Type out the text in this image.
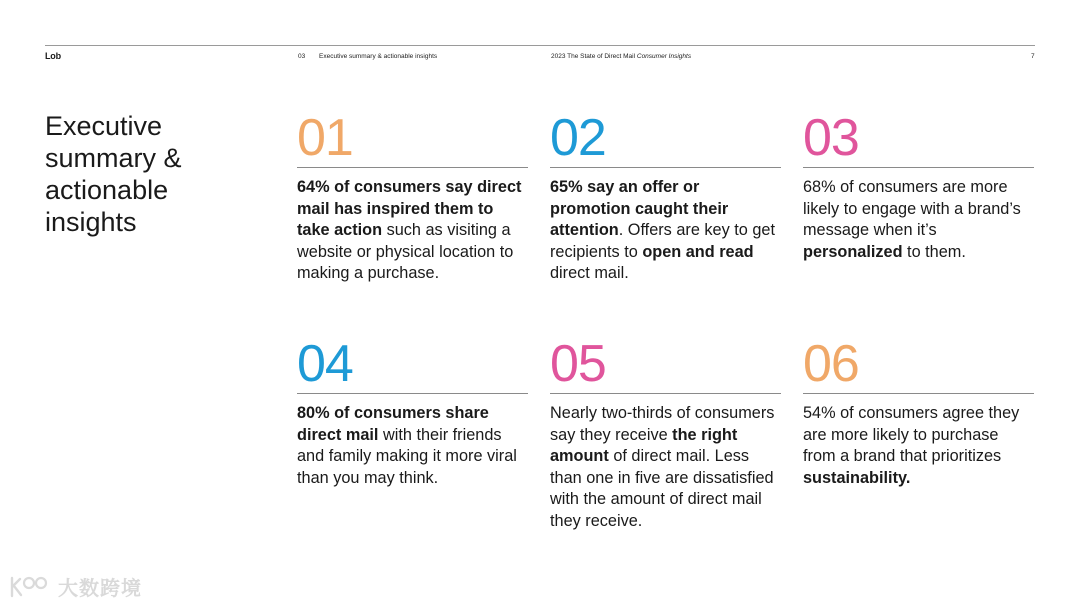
Lob	03 Executive summary & actionable insights	2023 The State of Direct Mail Consumer Insights	7
Executive
summary &
actionable
insights
01
64% of consumers say direct mail has inspired them to take action such as visiting a website or physical location to making a purchase.
02
65% say an offer or promotion caught their attention. Offers are key to get recipients to open and read direct mail.
03
68% of consumers are more likely to engage with a brand’s message when it’s personalized to them.
04
80% of consumers share direct mail with their friends and family making it more viral than you may think.
05
Nearly two-thirds of consumers say they receive the right amount of direct mail. Less than one in five are dissatisfied with the amount of direct mail they receive.
06
54% of consumers agree they are more likely to purchase from a brand that prioritizes sustainability.
大数跨境
